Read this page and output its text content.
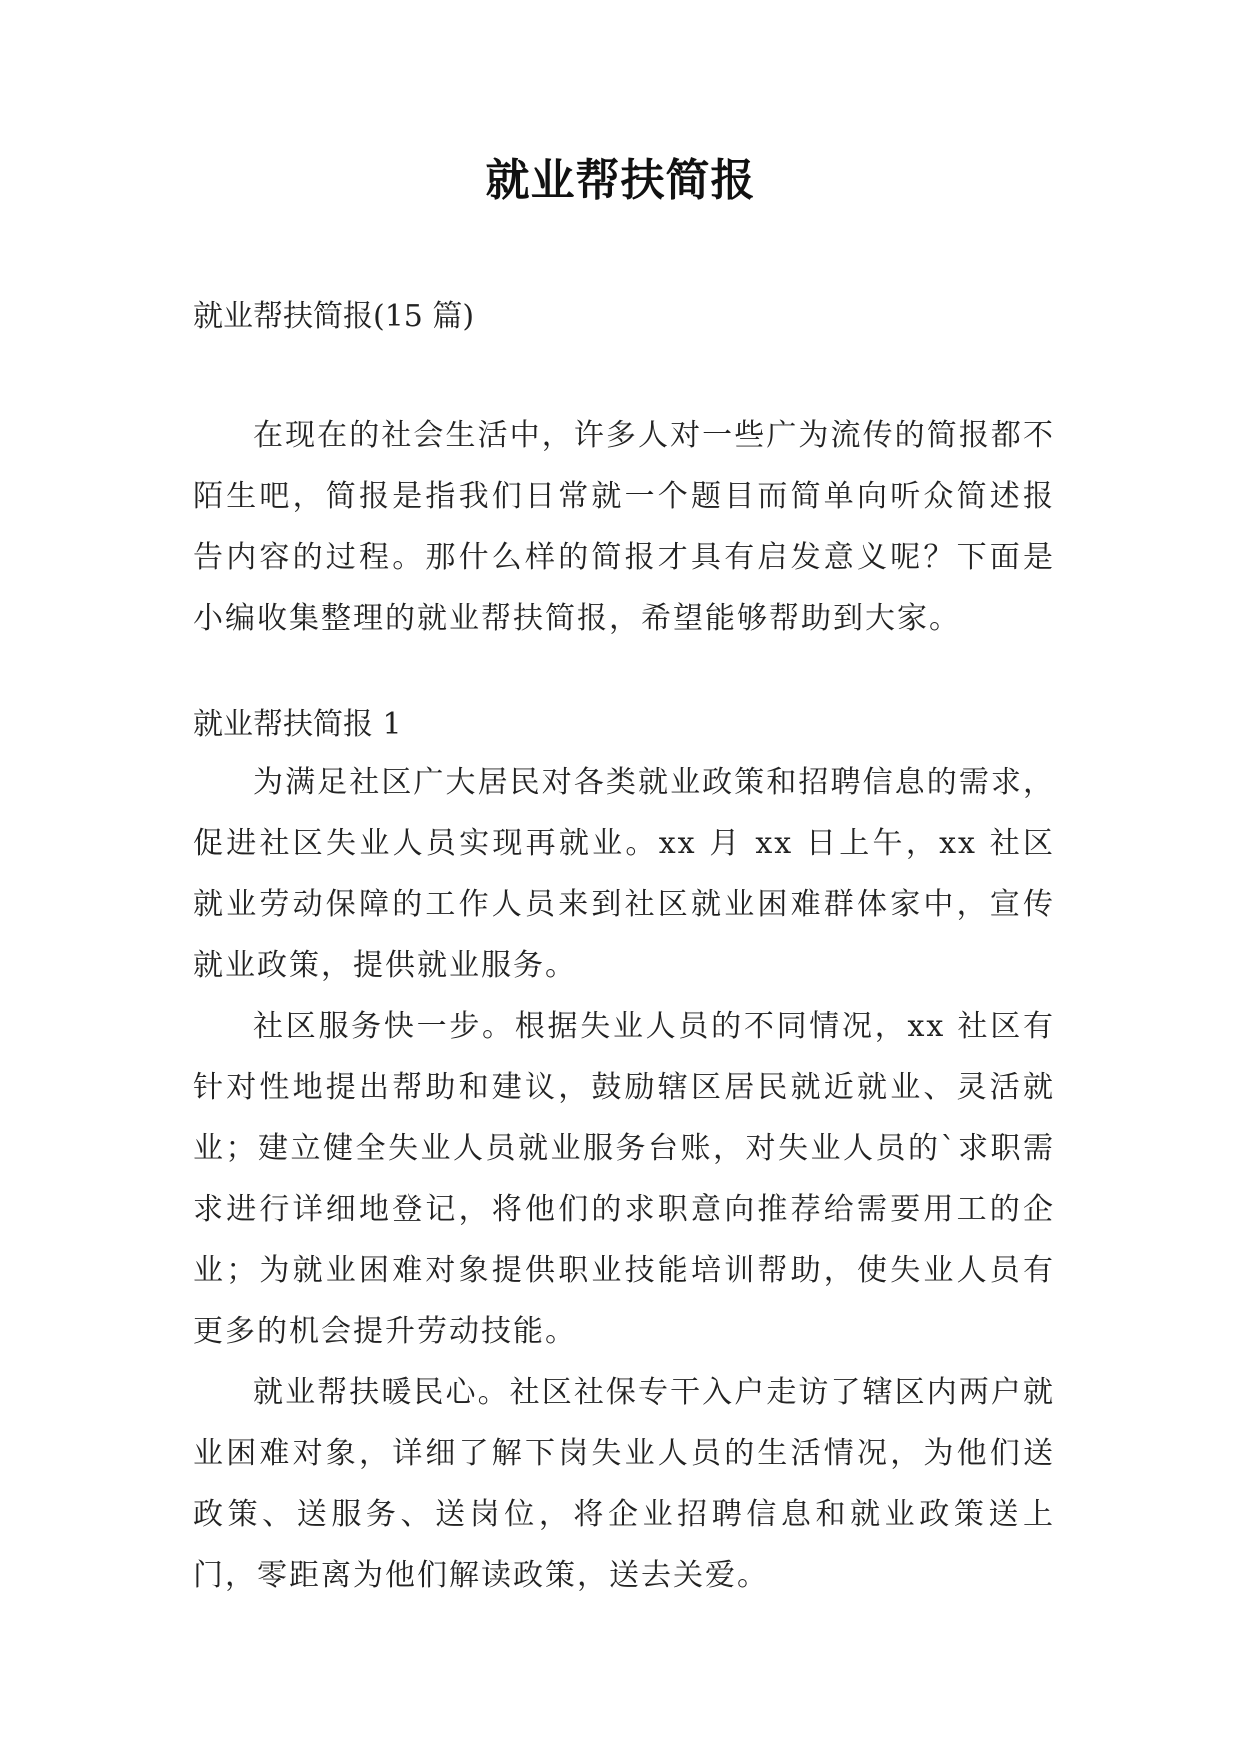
就业帮扶简报

就业帮扶简报(15 篇)

在现在的社会生活中，许多人对一些广为流传的简报都不陌生吧，简报是指我们日常就一个题目而简单向听众简述报告内容的过程。那什么样的简报才具有启发意义呢？下面是小编收集整理的就业帮扶简报，希望能够帮助到大家。

就业帮扶简报 1

为满足社区广大居民对各类就业政策和招聘信息的需求，促进社区失业人员实现再就业。xx 月 xx 日上午，xx 社区就业劳动保障的工作人员来到社区就业困难群体家中，宣传就业政策，提供就业服务。

社区服务快一步。根据失业人员的不同情况，xx 社区有针对性地提出帮助和建议，鼓励辖区居民就近就业、灵活就业；建立健全失业人员就业服务台账，对失业人员的`求职需求进行详细地登记，将他们的求职意向推荐给需要用工的企业；为就业困难对象提供职业技能培训帮助，使失业人员有更多的机会提升劳动技能。

就业帮扶暖民心。社区社保专干入户走访了辖区内两户就业困难对象，详细了解下岗失业人员的生活情况，为他们送政策、送服务、送岗位，将企业招聘信息和就业政策送上门，零距离为他们解读政策，送去关爱。
